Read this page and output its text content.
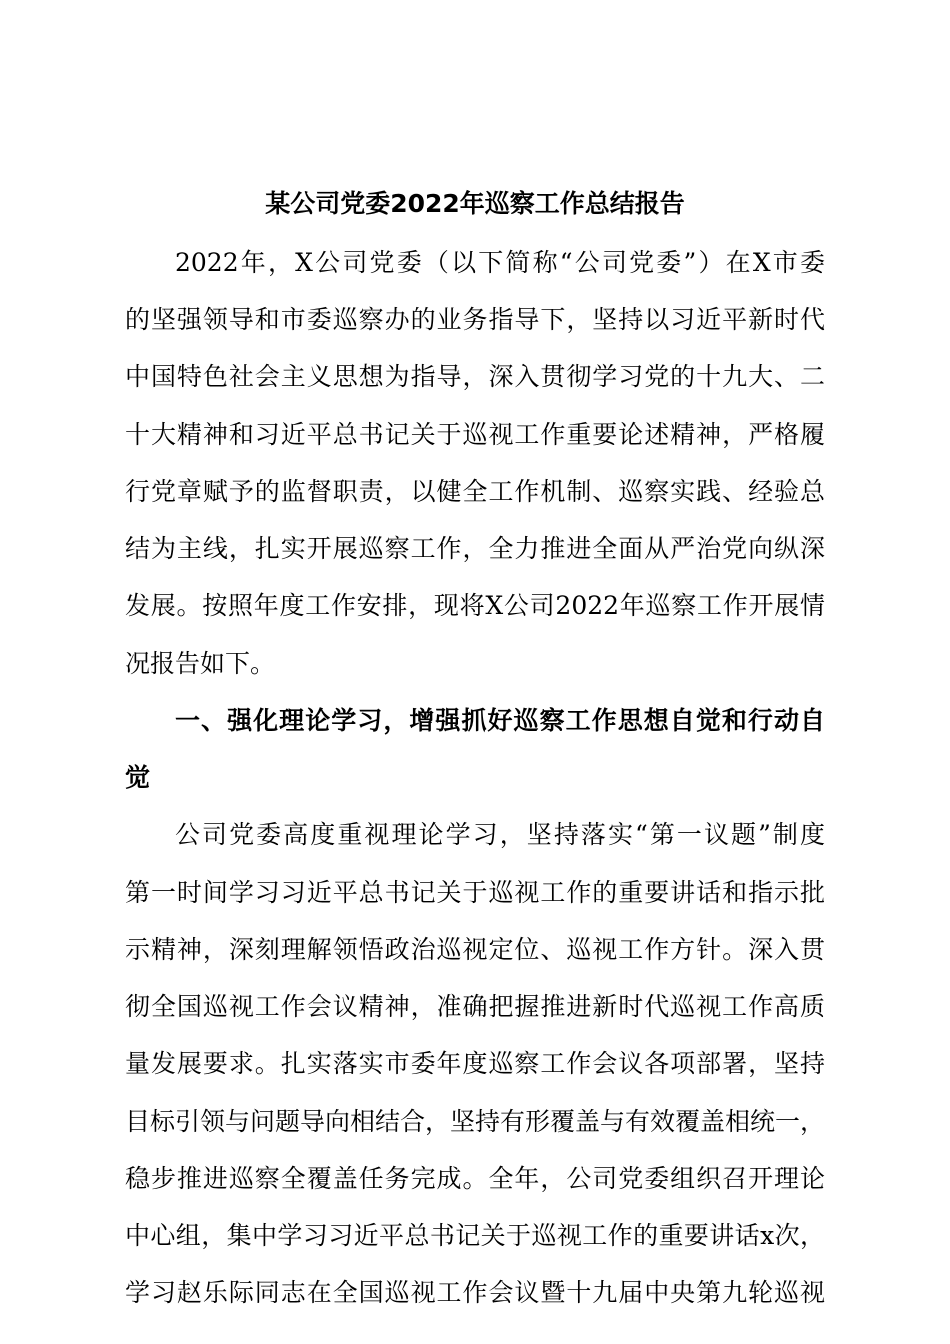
某公司党委2022年巡察工作总结报告

2022年，X公司党委（以下简称“公司党委”）在X市委

的坚强领导和市委巡察办的业务指导下，坚持以习近平新时代

中国特色社会主义思想为指导，深入贯彻学习党的十九大、二

十大精神和习近平总书记关于巡视工作重要论述精神，严格履

行党章赋予的监督职责，以健全工作机制、巡察实践、经验总

结为主线，扎实开展巡察工作，全力推进全面从严治党向纵深

发展。按照年度工作安排，现将X公司2022年巡察工作开展情

况报告如下。

一、强化理论学习，增强抓好巡察工作思想自觉和行动自

觉

公司党委高度重视理论学习，坚持落实“第一议题”制度

第一时间学习习近平总书记关于巡视工作的重要讲话和指示批

示精神，深刻理解领悟政治巡视定位、巡视工作方针。深入贯

彻全国巡视工作会议精神，准确把握推进新时代巡视工作高质

量发展要求。扎实落实市委年度巡察工作会议各项部署，坚持

目标引领与问题导向相结合，坚持有形覆盖与有效覆盖相统一，

稳步推进巡察全覆盖任务完成。全年，公司党委组织召开理论

中心组，集中学习习近平总书记关于巡视工作的重要讲话x次，

学习赵乐际同志在全国巡视工作会议暨十九届中央第九轮巡视
